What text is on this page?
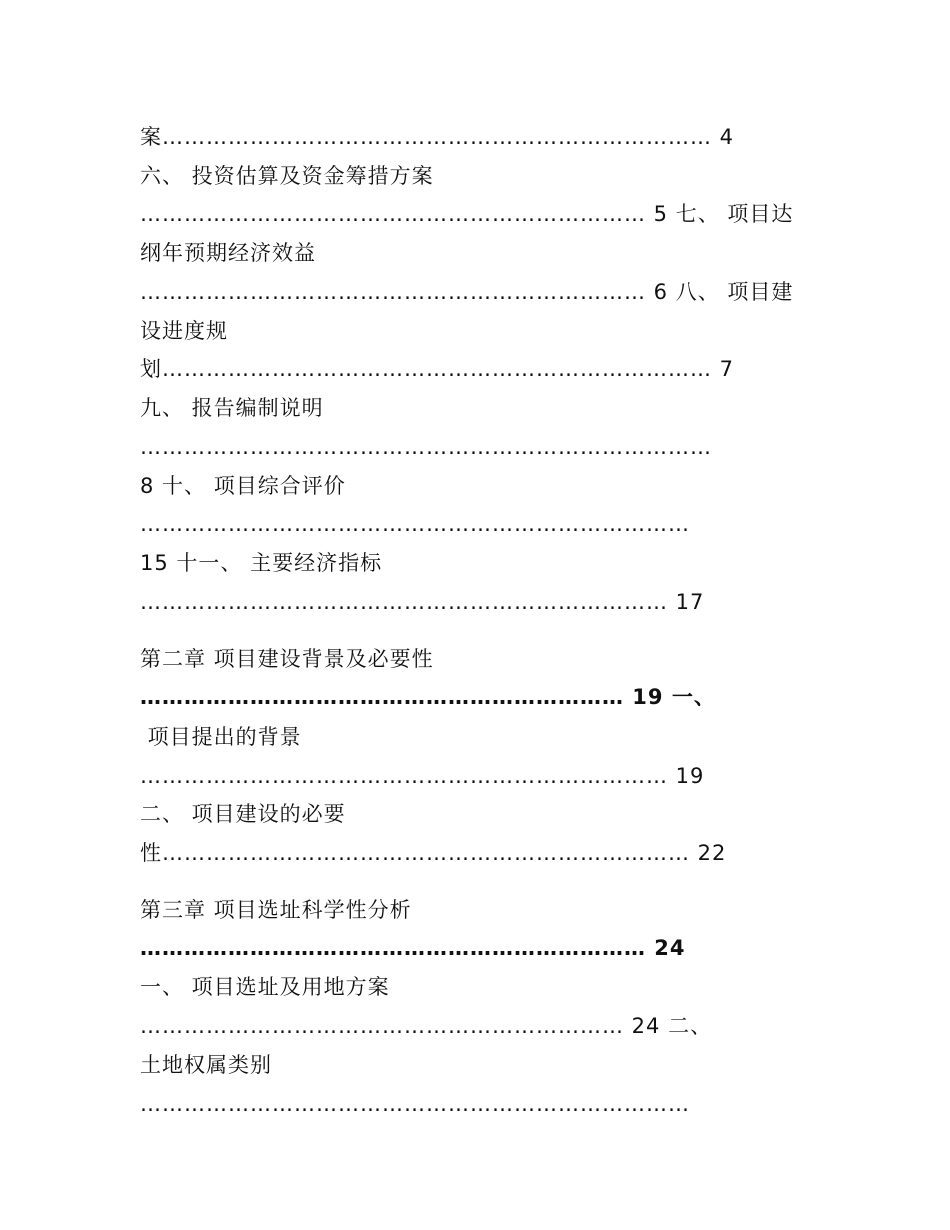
案………………………………………………………………… 4
六、 投资估算及资金筹措方案
…………………………………………………………… 5 七、 项目达
纲年预期经济效益
…………………………………………………………… 6 八、 项目建
设进度规
划………………………………………………………………… 7
九、 报告编制说明
……………………………………………………………………
8 十、 项目综合评价
…………………………………………………………………
15 十一、 主要经济指标
……………………………………………………………… 17
第二章 项目建设背景及必要性
………………………………………………………… 19 一、
项目提出的背景
……………………………………………………………… 19
二、 项目建设的必要
性……………………………………………………………… 22
第三章 项目选址科学性分析
…………………………………………………………… 24
一、 项目选址及用地方案
………………………………………………………… 24 二、
土地权属类别
…………………………………………………………………
